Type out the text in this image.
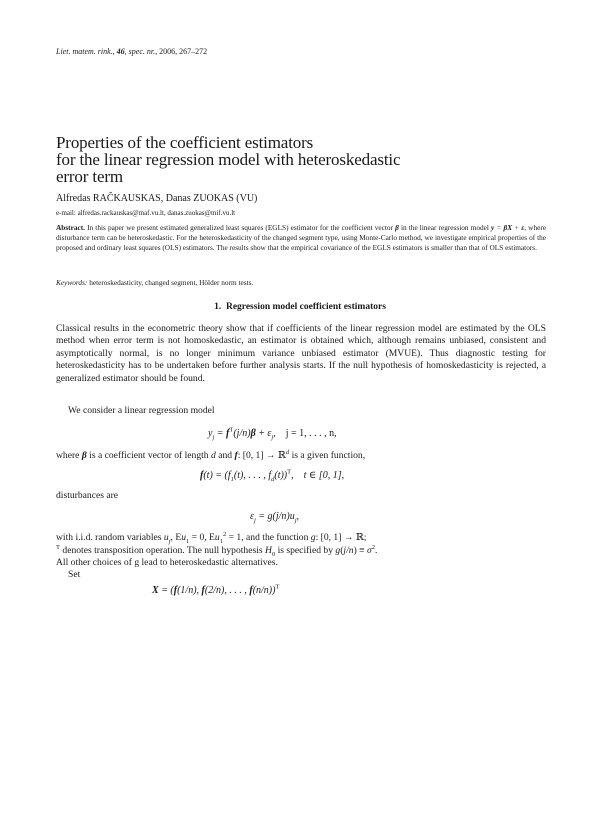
Liet. matem. rink., 46, spec. nr., 2006, 267–272
Properties of the coefficient estimators
for the linear regression model with heteroskedastic
error term
Alfredas RAČKAUSKAS, Danas ZUOKAS (VU)
e-mail: alfredas.rackauskas@maf.vu.lt, danas.zuokas@mif.vu.lt
Abstract. In this paper we present estimated generalized least squares (EGLS) estimator for the coefficient vector β in the linear regression model y = βX + ε, where disturbance term can be heteroskedastic. For the heteroskedasticity of the changed segment type, using Monte-Carlo method, we investigate empirical properties of the proposed and ordinary least squares (OLS) estimators. The results show that the empirical covariance of the EGLS estimators is smaller than that of OLS estimators.
Keywords: heteroskedasticity, changed segment, Hölder norm tests.
1. Regression model coefficient estimators
Classical results in the econometric theory show that if coefficients of the linear regression model are estimated by the OLS method when error term is not homoskedastic, an estimator is obtained which, although remains unbiased, consistent and asymptotically normal, is no longer minimum variance unbiased estimator (MVUE). Thus diagnostic testing for heteroskedasticity has to be undertaken before further analysis starts. If the null hypothesis of homoskedasticity is rejected, a generalized estimator should be found.
We consider a linear regression model
$y_j = f^T(j/n)\beta + \varepsilon_j$,    j = 1, . . . , n,
where β is a coefficient vector of length d and f: [0, 1] → ℝ$^d$ is a given function,
$f(t) = (f_1(t)$, . . . , $f_d(t))^T$,    t ∈ [0, 1],
disturbances are
$\varepsilon_j = g(j/n)u_j$,
with i.i.d. random variables $u_j$, $Eu_1 = 0$, $Eu_1^2 = 1$, and the function g: [0, 1] → ℝ;
$^T$ denotes transposition operation. The null hypothesis $H_0$ is specified by $g(j/n) \equiv \sigma^2$.
All other choices of g lead to heteroskedastic alternatives.
Set
X = (f(1/n), f(2/n), . . . , f(n/n))$^T$
